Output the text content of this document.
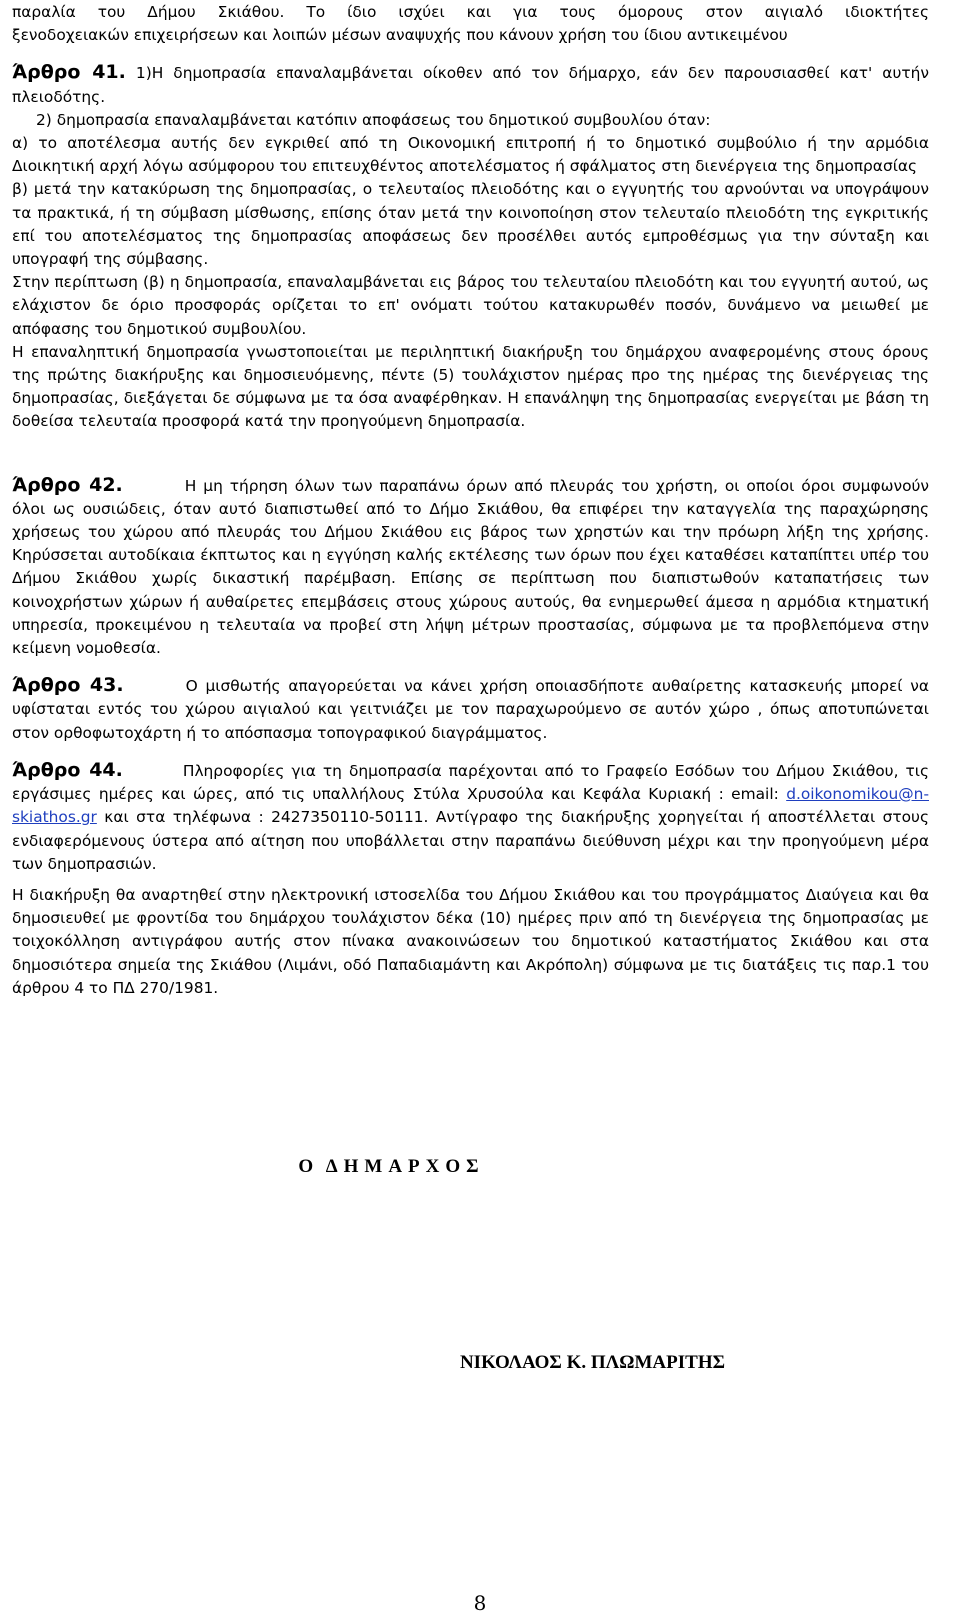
παραλία του Δήμου Σκιάθου. Το ίδιο ισχύει και για τους όμορους στον αιγιαλό ιδιοκτήτες

ξενοδοχειακών επιχειρήσεων και λοιπών μέσων αναψυχής που κάνουν χρήση του ίδιου αντικειμένου

Άρθρο 41. 1)Η δημοπρασία επαναλαμβάνεται οίκοθεν από τον δήμαρχο, εάν δεν παρουσιασθεί κατ' αυτήν πλειοδότης.

2) δημοπρασία επαναλαμβάνεται κατόπιν αποφάσεως του δημοτικού συμβουλίου όταν:

α) το αποτέλεσμα αυτής δεν εγκριθεί από τη Οικονομική επιτροπή ή το δημοτικό συμβούλιο ή την αρμόδια Διοικητική αρχή λόγω ασύμφορου του επιτευχθέντος αποτελέσματος ή σφάλματος στη διενέργεια της δημοπρασίας

β) μετά την κατακύρωση της δημοπρασίας, ο τελευταίος πλειοδότης και ο εγγυητής του αρνούνται να υπογράψουν τα πρακτικά, ή τη σύμβαση μίσθωσης, επίσης όταν μετά την κοινοποίηση στον τελευταίο πλειοδότη της εγκριτικής επί του αποτελέσματος της δημοπρασίας αποφάσεως δεν προσέλθει αυτός εμπροθέσμως για την σύνταξη και υπογραφή της σύμβασης.

Στην περίπτωση (β) η δημοπρασία, επαναλαμβάνεται εις βάρος του τελευταίου πλειοδότη και του εγγυητή αυτού, ως ελάχιστον δε όριο προσφοράς ορίζεται το επ' ονόματι τούτου κατακυρωθέν ποσόν, δυνάμενο να μειωθεί με απόφασης του δημοτικού συμβουλίου.

Η επαναληπτική δημοπρασία γνωστοποιείται με περιληπτική διακήρυξη του δημάρχου αναφερομένης στους όρους της πρώτης διακήρυξης και δημοσιευόμενης, πέντε (5) τουλάχιστον ημέρας προ της ημέρας της διενέργειας της δημοπρασίας, διεξάγεται δε σύμφωνα με τα όσα αναφέρθηκαν. Η επανάληψη της δημοπρασίας ενεργείται με βάση τη δοθείσα τελευταία προσφορά κατά την προηγούμενη δημοπρασία.

Άρθρο 42.	Η μη τήρηση όλων των παραπάνω όρων από πλευράς του χρήστη, οι οποίοι όροι συμφωνούν όλοι ως ουσιώδεις, όταν αυτό διαπιστωθεί από το Δήμο Σκιάθου, θα επιφέρει την καταγγελία της παραχώρησης χρήσεως του χώρου από πλευράς του Δήμου Σκιάθου εις βάρος των χρηστών και την πρόωρη λήξη της χρήσης. Κηρύσσεται αυτοδίκαια έκπτωτος και η εγγύηση καλής εκτέλεσης των όρων που έχει καταθέσει καταπίπτει υπέρ του Δήμου Σκιάθου χωρίς δικαστική παρέμβαση. Επίσης σε περίπτωση που διαπιστωθούν καταπατήσεις των κοινοχρήστων χώρων ή αυθαίρετες επεμβάσεις στους χώρους αυτούς, θα ενημερωθεί άμεσα η αρμόδια κτηματική υπηρεσία, προκειμένου η τελευταία να προβεί στη λήψη μέτρων προστασίας, σύμφωνα με τα προβλεπόμενα στην κείμενη νομοθεσία.

Άρθρο 43.	Ο μισθωτής απαγορεύεται να κάνει χρήση οποιασδήποτε αυθαίρετης κατασκευής μπορεί να υφίσταται εντός του χώρου αιγιαλού και γειτνιάζει με τον παραχωρούμενο σε αυτόν χώρο , όπως αποτυπώνεται στον ορθοφωτοχάρτη ή το απόσπασμα τοπογραφικού διαγράμματος.

Άρθρο 44.	Πληροφορίες για τη δημοπρασία παρέχονται από το Γραφείο Εσόδων του Δήμου Σκιάθου, τις εργάσιμες ημέρες και ώρες, από τις υπαλλήλους Στύλα Χρυσούλα και Κεφάλα Κυριακή : email: d.oikonomikou@n-skiathos.gr και στα τηλέφωνα : 2427350110-50111. Αντίγραφο της διακήρυξης χορηγείται ή αποστέλλεται στους ενδιαφερόμενους ύστερα από αίτηση που υποβάλλεται στην παραπάνω διεύθυνση μέχρι και την προηγούμενη μέρα των δημοπρασιών.

Η διακήρυξη θα αναρτηθεί στην ηλεκτρονική ιστοσελίδα του Δήμου Σκιάθου και του προγράμματος Διαύγεια και θα δημοσιευθεί με φροντίδα του δημάρχου τουλάχιστον δέκα (10) ημέρες πριν από τη διενέργεια της δημοπρασίας με τοιχοκόλληση αντιγράφου αυτής στον πίνακα ανακοινώσεων του δημοτικού καταστήματος Σκιάθου και στα δημοσιότερα σημεία της Σκιάθου (Λιμάνι, οδό Παπαδιαμάντη και Ακρόπολη) σύμφωνα με τις διατάξεις τις παρ.1 του άρθρου 4 το ΠΔ 270/1981.

Ο ΔΗΜΑΡΧΟΣ
ΝΙΚΟΛΑΟΣ Κ. ΠΛΩΜΑΡΙΤΗΣ
8
